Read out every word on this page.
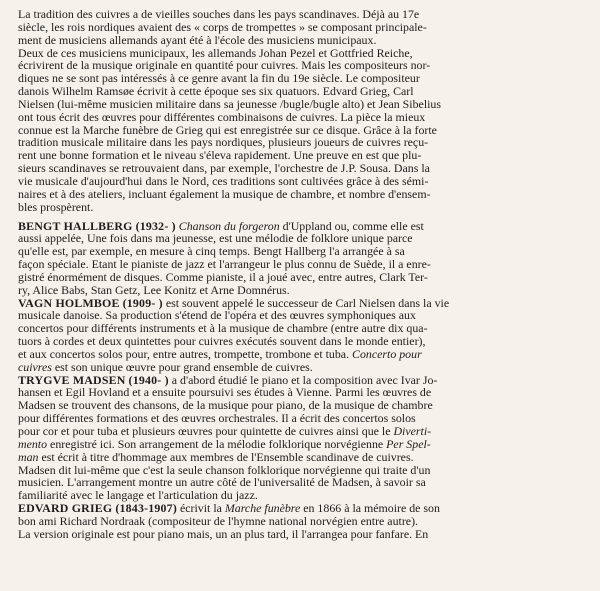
La tradition des cuivres a de vieilles souches dans les pays scandinaves. Déjà au 17e
siècle, les rois nordiques avaient des « corps de trompettes » se composant principale-
ment de musiciens allemands ayant été à l'école des musiciens municipaux.
Deux de ces musiciens municipaux, les allemands Johan Pezel et Gottfried Reiche,
écrivirent de la musique originale en quantité pour cuivres. Mais les compositeurs nor-
diques ne se sont pas intéressés à ce genre avant la fin du 19e siècle. Le compositeur
danois Wilhelm Ramsøe écrivit à cette époque ses six quatuors. Edvard Grieg, Carl
Nielsen (lui-même musicien militaire dans sa jeunesse /bugle/bugle alto) et Jean Sibelius
ont tous écrit des œuvres pour différentes combinaisons de cuivres. La pièce la mieux
connue est la Marche funèbre de Grieg qui est enregistrée sur ce disque. Grâce à la forte
tradition musicale militaire dans les pays nordiques, plusieurs joueurs de cuivres reçu-
rent une bonne formation et le niveau s'éleva rapidement. Une preuve en est que plu-
sieurs scandinaves se retrouvaient dans, par exemple, l'orchestre de J.P. Sousa. Dans la
vie musicale d'aujourd'hui dans le Nord, ces traditions sont cultivées grâce à des sémi-
naires et à des ateliers, incluant également la musique de chambre, et nombre d'ensem-
bles prospèrent.

BENGT HALLBERG (1932- ) Chanson du forgeron d'Uppland ou, comme elle est
aussi appelée, Une fois dans ma jeunesse, est une mélodie de folklore unique parce
qu'elle est, par exemple, en mesure à cinq temps. Bengt Hallberg l'a arrangée à sa
façon spéciale. Etant le pianiste de jazz et l'arrangeur le plus connu de Suède, il a enre-
gistré énormément de disques. Comme pianiste, il a joué avec, entre autres, Clark Ter-
ry, Alice Babs, Stan Getz, Lee Konitz et Arne Domnérus.

VAGN HOLMBOE (1909- ) est souvent appelé le successeur de Carl Nielsen dans la vie
musicale danoise. Sa production s'étend de l'opéra et des œuvres symphoniques aux
concertos pour différents instruments et à la musique de chambre (entre autre dix qua-
tuors à cordes et deux quintettes pour cuivres exécutés souvent dans le monde entier),
et aux concertos solos pour, entre autres, trompette, trombone et tuba. Concerto pour
cuivres est son unique œuvre pour grand ensemble de cuivres.

TRYGVE MADSEN (1940- ) a d'abord étudié le piano et la composition avec Ivar Jo-
hansen et Egil Hovland et a ensuite poursuivi ses études à Vienne. Parmi les œuvres de
Madsen se trouvent des chansons, de la musique pour piano, de la musique de chambre
pour différentes formations et des œuvres orchestrales. Il a écrit des concertos solos
pour cor et pour tuba et plusieurs œuvres pour quintette de cuivres ainsi que le Diverti-
mento enregistré ici. Son arrangement de la mélodie folklorique norvégienne Per Spel-
man est écrit à titre d'hommage aux membres de l'Ensemble scandinave de cuivres.
Madsen dit lui-même que c'est la seule chanson folklorique norvégienne qui traite d'un
musicien. L'arrangement montre un autre côté de l'universalité de Madsen, à savoir sa
familiarité avec le langage et l'articulation du jazz.

EDVARD GRIEG (1843-1907) écrivit la Marche funèbre en 1866 à la mémoire de son
bon ami Richard Nordraak (compositeur de l'hymne national norvégien entre autre).
La version originale est pour piano mais, un an plus tard, il l'arrangea pour fanfare. En
